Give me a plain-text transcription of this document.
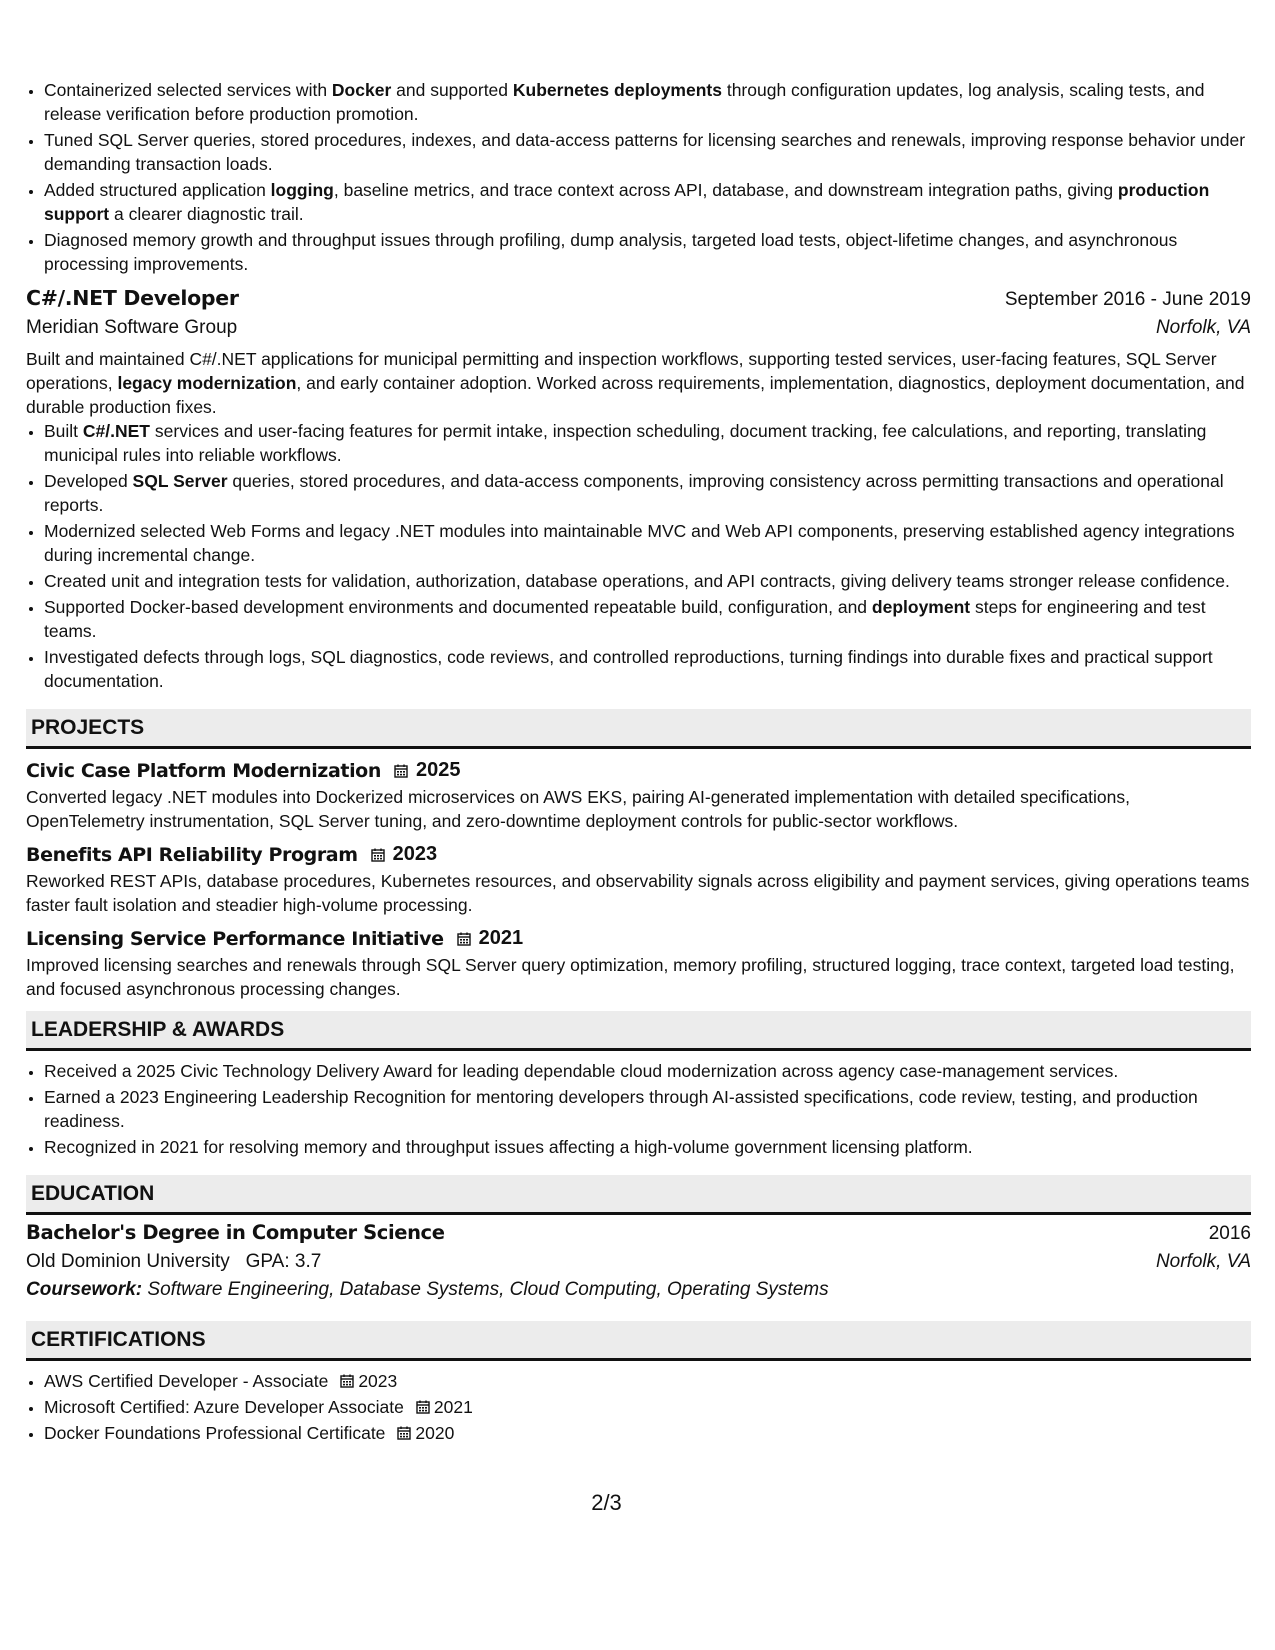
• Containerized selected services with Docker and supported Kubernetes deployments through configuration updates, log analysis, scaling tests, and release verification before production promotion.
• Tuned SQL Server queries, stored procedures, indexes, and data-access patterns for licensing searches and renewals, improving response behavior under demanding transaction loads.
• Added structured application logging, baseline metrics, and trace context across API, database, and downstream integration paths, giving production support a clearer diagnostic trail.
• Diagnosed memory growth and throughput issues through profiling, dump analysis, targeted load tests, object-lifetime changes, and asynchronous processing improvements.
C#/.NET Developer	September 2016 - June 2019
Meridian Software Group	Norfolk, VA
Built and maintained C#/.NET applications for municipal permitting and inspection workflows, supporting tested services, user-facing features, SQL Server operations, legacy modernization, and early container adoption. Worked across requirements, implementation, diagnostics, deployment documentation, and durable production fixes.
• Built C#/.NET services and user-facing features for permit intake, inspection scheduling, document tracking, fee calculations, and reporting, translating municipal rules into reliable workflows.
• Developed SQL Server queries, stored procedures, and data-access components, improving consistency across permitting transactions and operational reports.
• Modernized selected Web Forms and legacy .NET modules into maintainable MVC and Web API components, preserving established agency integrations during incremental change.
• Created unit and integration tests for validation, authorization, database operations, and API contracts, giving delivery teams stronger release confidence.
• Supported Docker-based development environments and documented repeatable build, configuration, and deployment steps for engineering and test teams.
• Investigated defects through logs, SQL diagnostics, code reviews, and controlled reproductions, turning findings into durable fixes and practical support documentation.
PROJECTS
Civic Case Platform Modernization 2025
Converted legacy .NET modules into Dockerized microservices on AWS EKS, pairing AI-generated implementation with detailed specifications, OpenTelemetry instrumentation, SQL Server tuning, and zero-downtime deployment controls for public-sector workflows.
Benefits API Reliability Program 2023
Reworked REST APIs, database procedures, Kubernetes resources, and observability signals across eligibility and payment services, giving operations teams faster fault isolation and steadier high-volume processing.
Licensing Service Performance Initiative 2021
Improved licensing searches and renewals through SQL Server query optimization, memory profiling, structured logging, trace context, targeted load testing, and focused asynchronous processing changes.
LEADERSHIP & AWARDS
• Received a 2025 Civic Technology Delivery Award for leading dependable cloud modernization across agency case-management services.
• Earned a 2023 Engineering Leadership Recognition for mentoring developers through AI-assisted specifications, code review, testing, and production readiness.
• Recognized in 2021 for resolving memory and throughput issues affecting a high-volume government licensing platform.
EDUCATION
Bachelor's Degree in Computer Science	2016
Old Dominion University GPA: 3.7	Norfolk, VA
Coursework: Software Engineering, Database Systems, Cloud Computing, Operating Systems
CERTIFICATIONS
• AWS Certified Developer - Associate 2023
• Microsoft Certified: Azure Developer Associate 2021
• Docker Foundations Professional Certificate 2020
2/3
